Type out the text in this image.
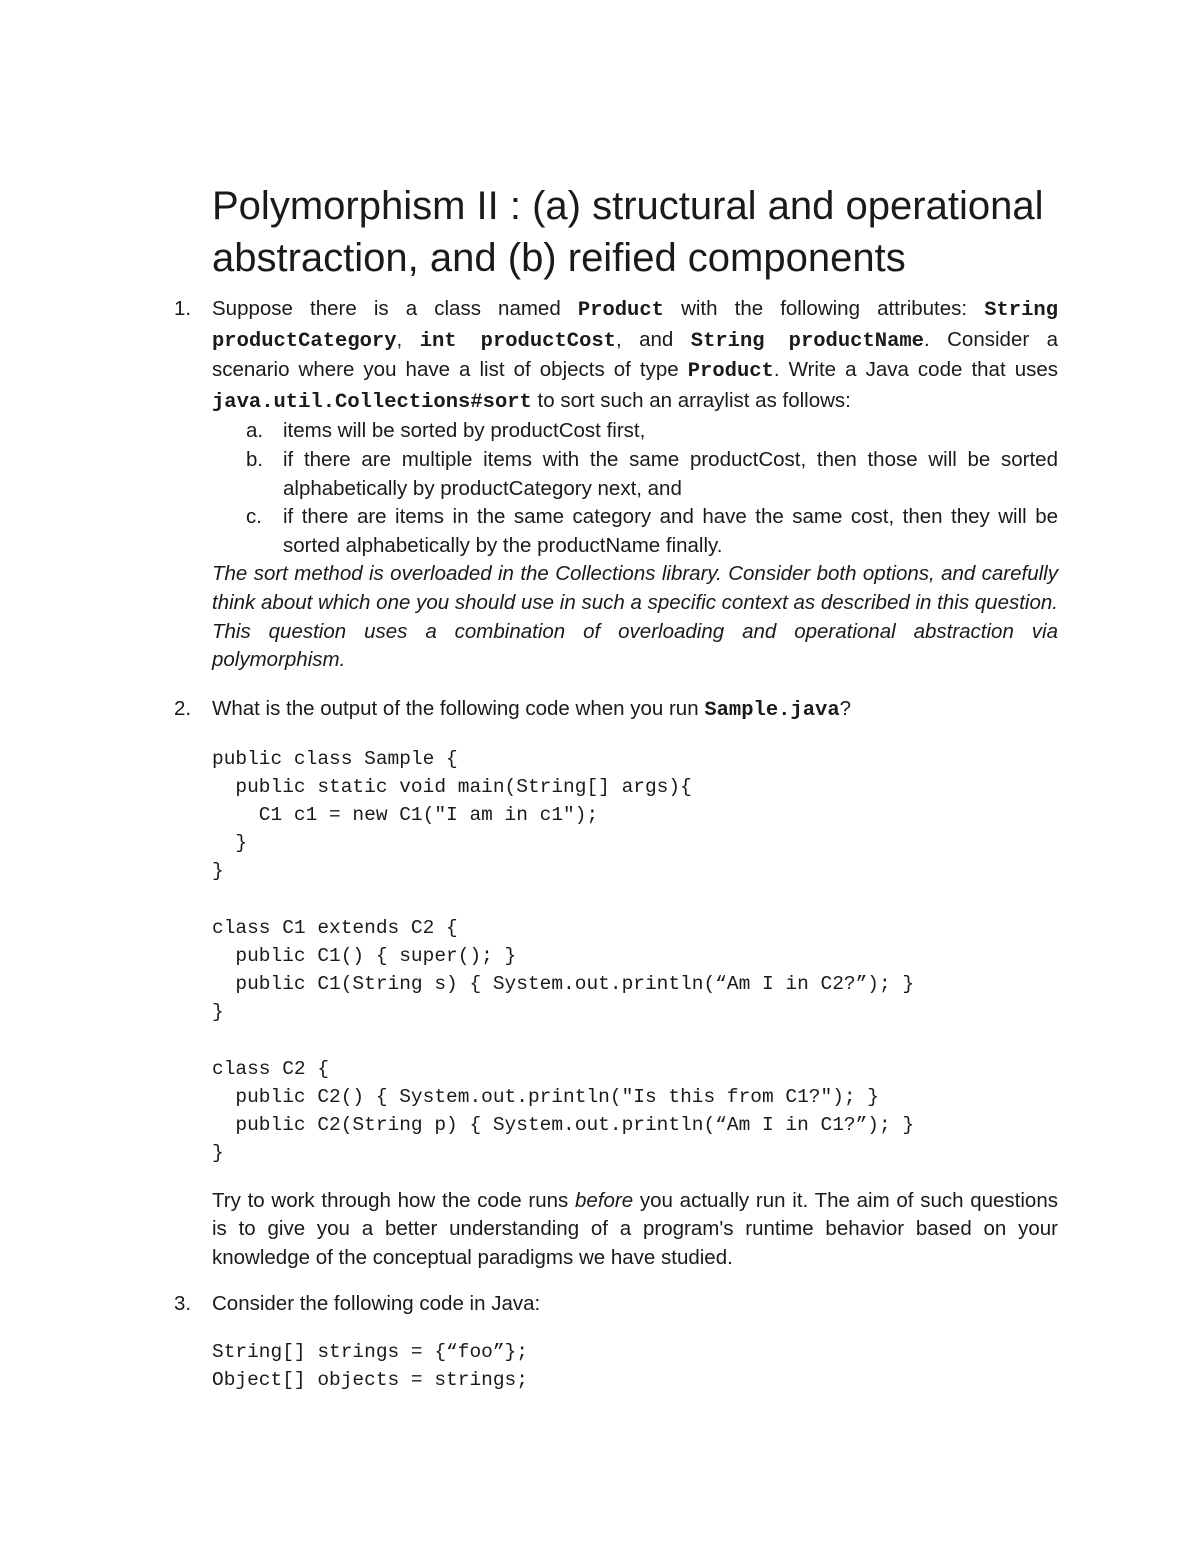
Polymorphism II : (a) structural and operational abstraction, and (b) reified components
1. Suppose there is a class named Product with the following attributes: String productCategory, int productCost, and String productName. Consider a scenario where you have a list of objects of type Product. Write a Java code that uses java.util.Collections#sort to sort such an arraylist as follows:
a. items will be sorted by productCost first,
b. if there are multiple items with the same productCost, then those will be sorted alphabetically by productCategory next, and
c. if there are items in the same category and have the same cost, then they will be sorted alphabetically by the productName finally.
The sort method is overloaded in the Collections library. Consider both options, and carefully think about which one you should use in such a specific context as described in this question. This question uses a combination of overloading and operational abstraction via polymorphism.
2. What is the output of the following code when you run Sample.java?
public class Sample {
public static void main(String[] args){
C1 c1 = new C1("I am in c1");
}
}

class C1 extends C2 {
public C1() { super(); }
public C1(String s) { System.out.println(“Am I in C2?”); }
}

class C2 {
public C2() { System.out.println("Is this from C1?"); }
public C2(String p) { System.out.println(“Am I in C1?”); }
}
Try to work through how the code runs before you actually run it. The aim of such questions is to give you a better understanding of a program's runtime behavior based on your knowledge of the conceptual paradigms we have studied.
3. Consider the following code in Java:
String[] strings = {“foo”};
Object[] objects = strings;
